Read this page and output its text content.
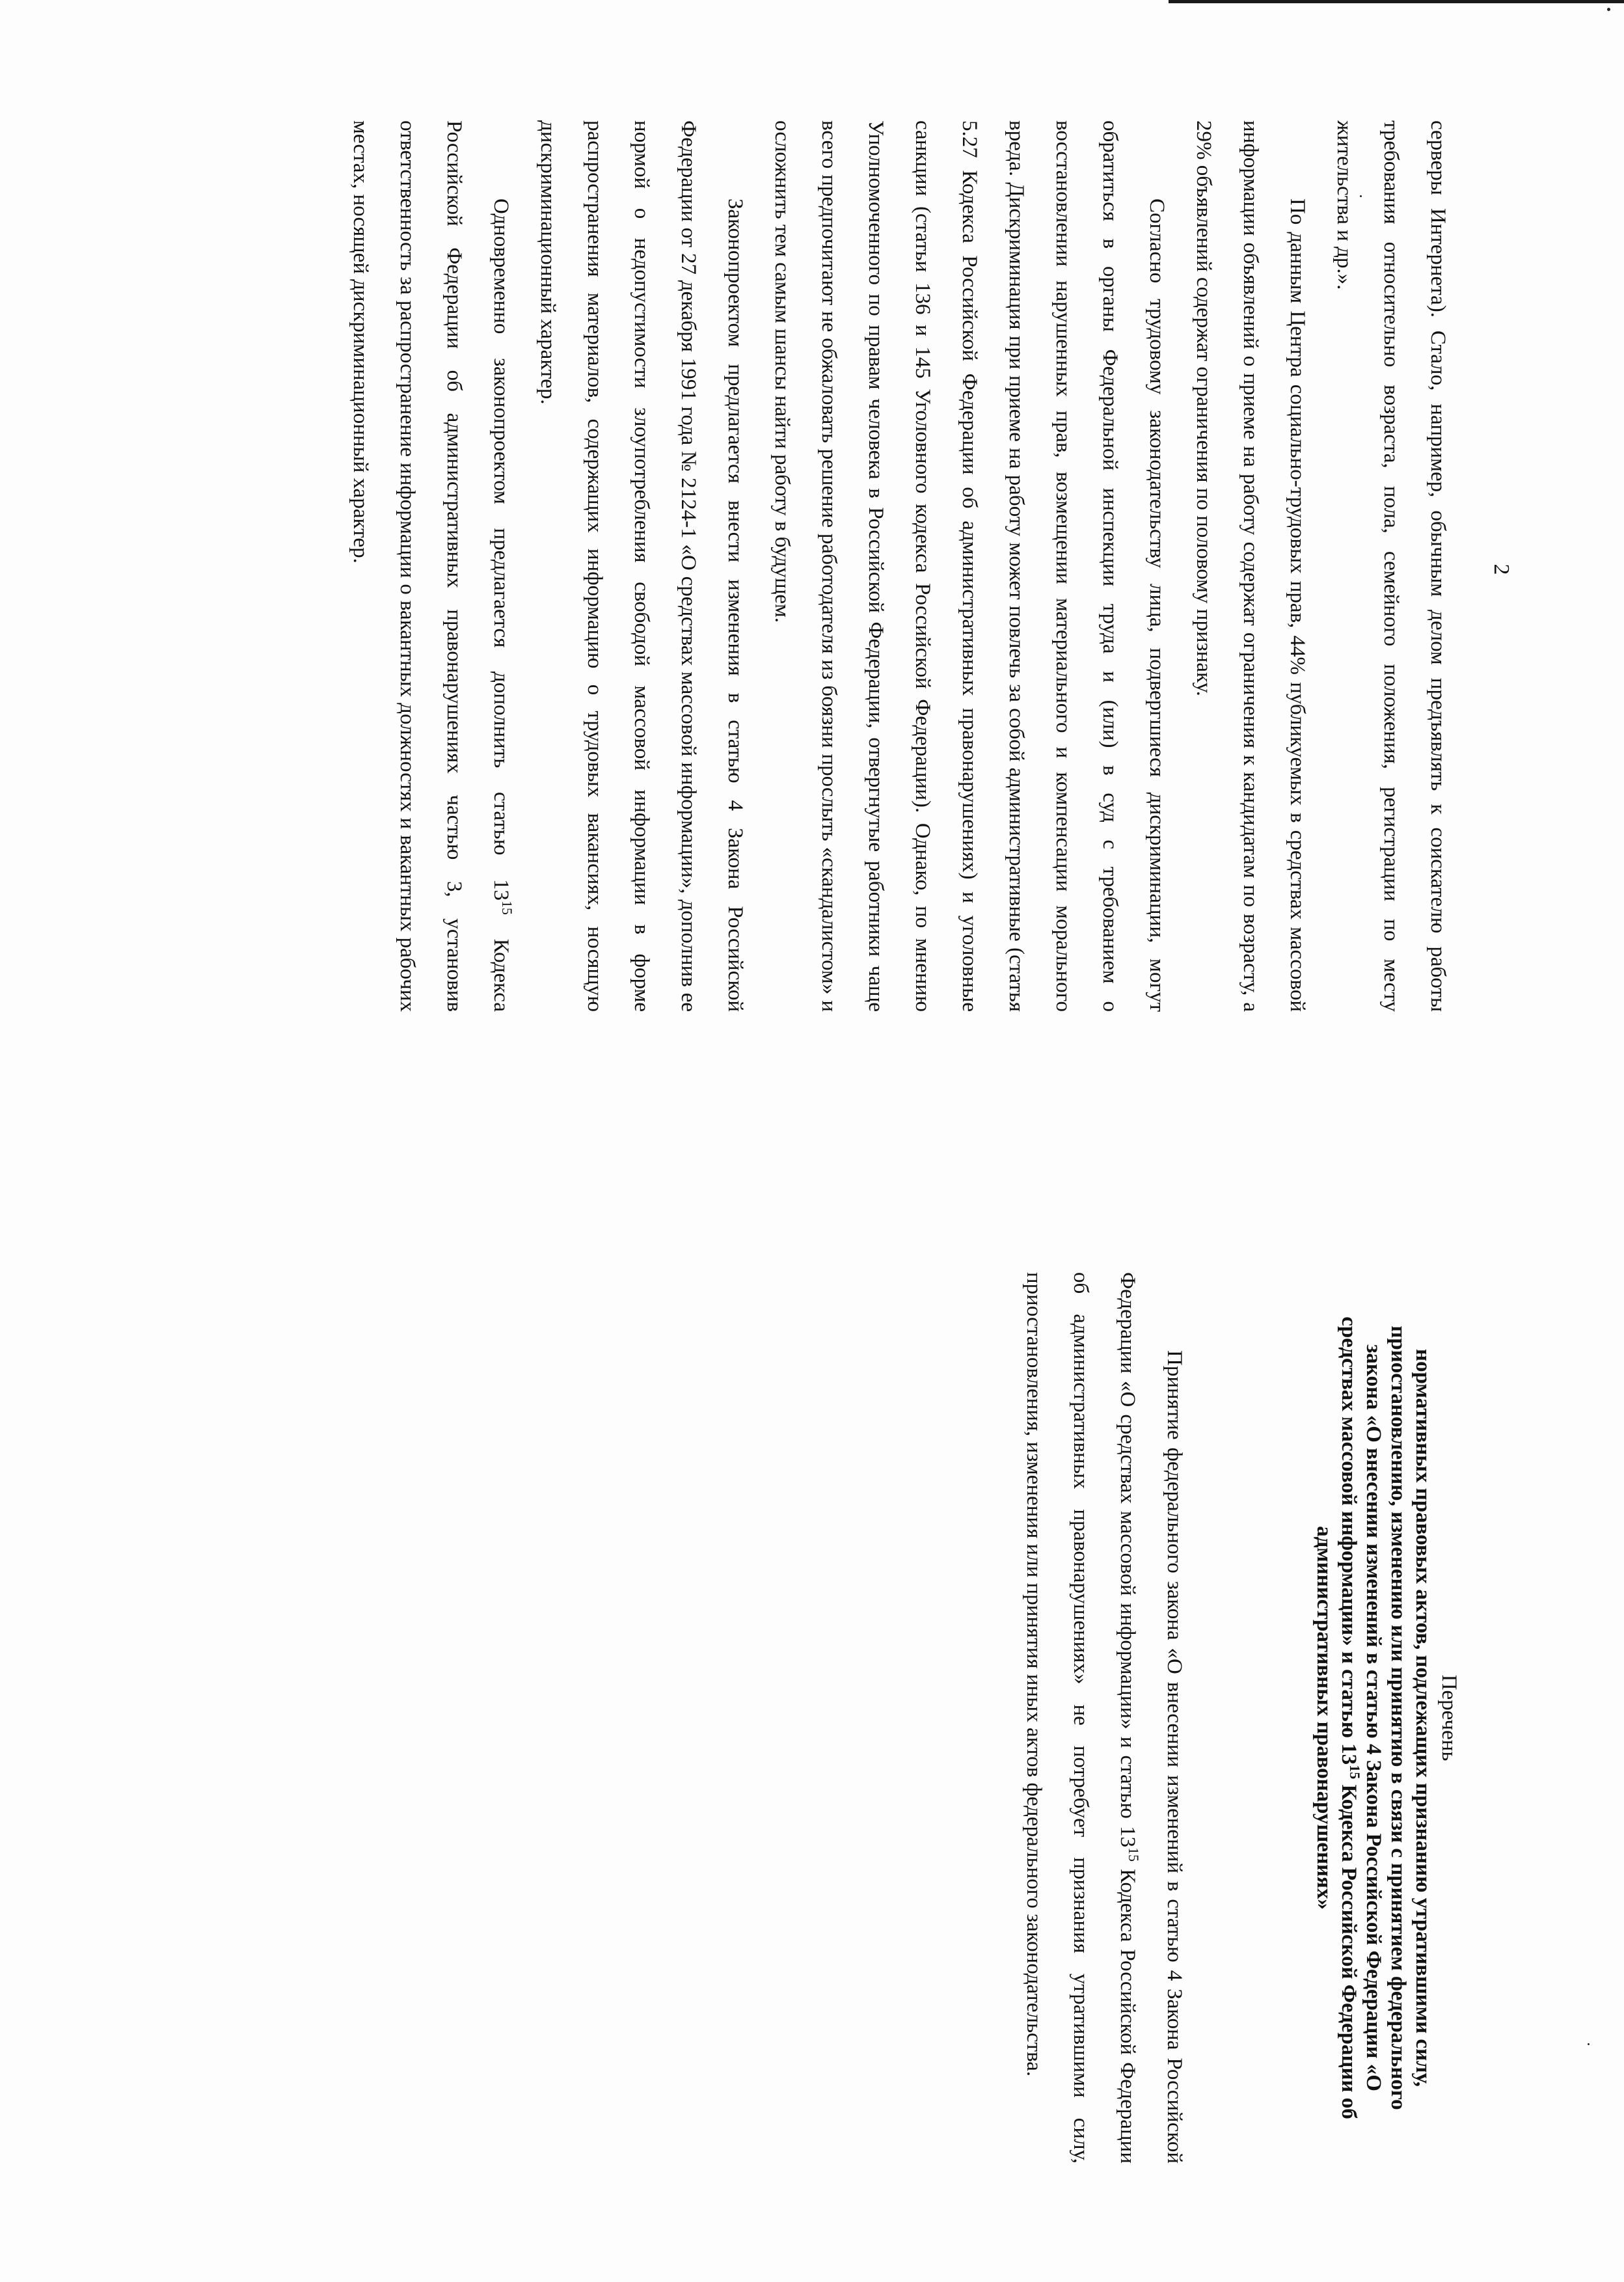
2

серверы Интернета). Стало, например, обычным делом предъявлять к соискателю работы требования относительно возраста, пола, семейного положения, регистрации по месту жительства и др.».

По данным Центра социально-трудовых прав, 44% публикуемых в средствах массовой информации объявлений о приеме на работу содержат ограничения к кандидатам по возрасту, а 29% объявлений содержат ограничения по половому признаку.

Согласно трудовому законодательству лица, подвергшиеся дискриминации, могут обратиться в органы Федеральной инспекции труда и (или) в суд с требованием о восстановлении нарушенных прав, возмещении материального и компенсации морального вреда. Дискриминация при приеме на работу может повлечь за собой административные (статья 5.27 Кодекса Российской Федерации об административных правонарушениях) и уголовные санкции (статьи 136 и 145 Уголовного кодекса Российской Федерации). Однако, по мнению Уполномоченного по правам человека в Российской Федерации, отвергнутые работники чаще всего предпочитают не обжаловать решение работодателя из боязни прослыть «скандалистом» и осложнить тем самым шансы найти работу в будущем.

Законопроектом предлагается внести изменения в статью 4 Закона Российской Федерации от 27 декабря 1991 года № 2124-1 «О средствах массовой информации», дополнив ее нормой о недопустимости злоупотребления свободой массовой информации в форме распространения материалов, содержащих информацию о трудовых вакансиях, носящую дискриминационный характер.

Одновременно законопроектом предлагается дополнить статью $13^{15}$ Кодекса Российской Федерации об административных правонарушениях частью 3, установив ответственность за распространение информации о вакантных должностях и вакантных рабочих местах, носящей дискриминационный характер.

Перечень
нормативных правовых актов, подлежащих признанию утратившими силу, приостановлению, изменению или принятию в связи с принятием федерального закона «О внесении изменений в статью 4 Закона Российской Федерации «О средствах массовой информации» и статью $13^{15}$ Кодекса Российской Федерации об административных правонарушениях»
Принятие федерального закона «О внесении изменений в статью 4 Закона Российской Федерации «О средствах массовой информации» и статью $13^{15}$ Кодекса Российской Федерации об административных правонарушениях» не потребует признания утратившими силу, приостановления, изменения или принятия иных актов федерального законодательства.
